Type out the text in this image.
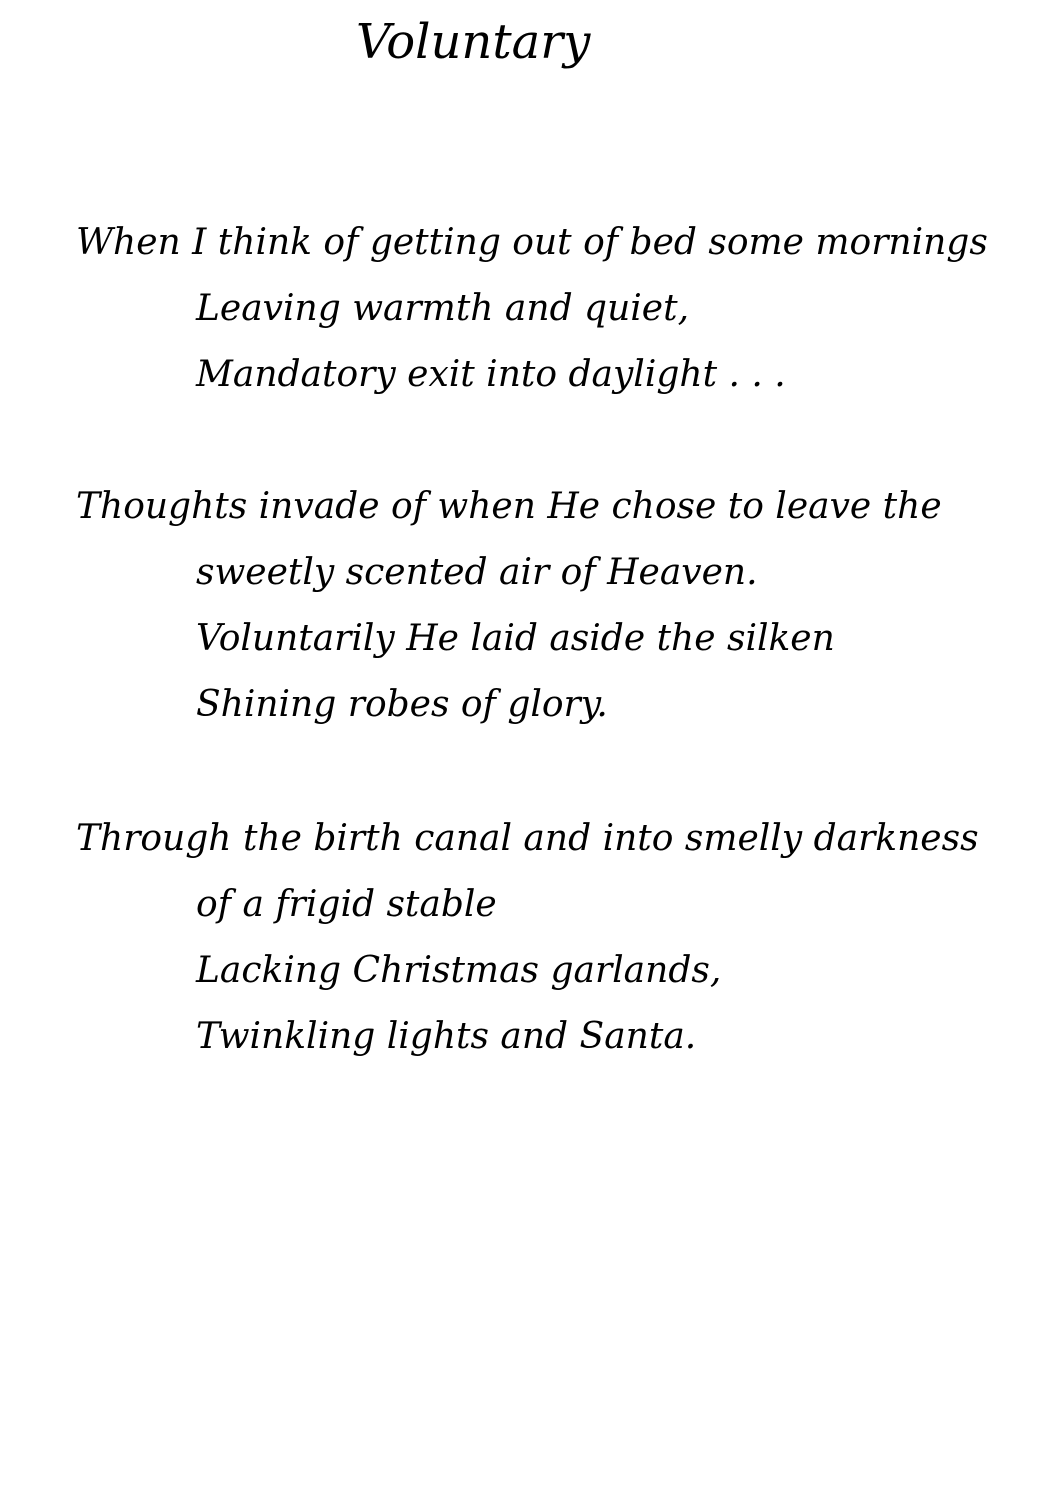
Voluntary

When I think of getting out of bed some mornings

Leaving warmth and quiet,

Mandatory exit into daylight . . .

Thoughts invade of when He chose to leave the

sweetly scented air of Heaven.

Voluntarily He laid aside the silken

Shining robes of glory.

Through the birth canal and into smelly darkness

of a frigid stable

Lacking Christmas garlands,

Twinkling lights and Santa.
